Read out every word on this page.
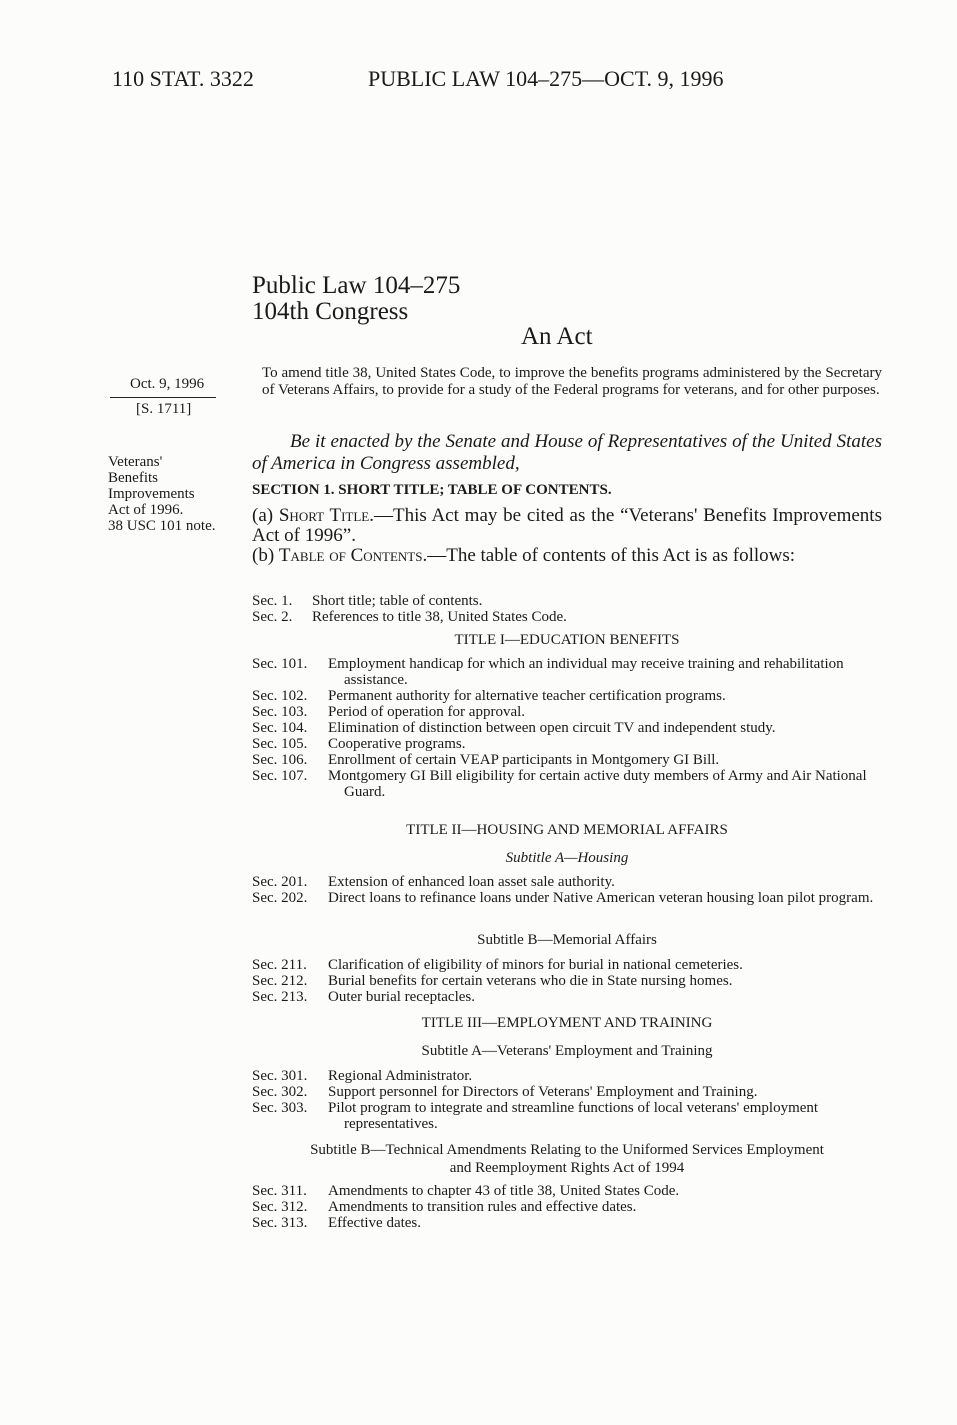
110 STAT. 3322	PUBLIC LAW 104–275—OCT. 9, 1996
Public Law 104–275
104th Congress
An Act
Oct. 9, 1996
[S. 1711]
Veterans'
Benefits
Improvements
Act of 1996.
38 USC 101 note.
To amend title 38, United States Code, to improve the benefits programs administered by the Secretary of Veterans Affairs, to provide for a study of the Federal programs for veterans, and for other purposes.
Be it enacted by the Senate and House of Representatives of the United States of America in Congress assembled,
SECTION 1. SHORT TITLE; TABLE OF CONTENTS.
(a) Short Title.—This Act may be cited as the “Veterans' Benefits Improvements Act of 1996”.
(b) Table of Contents.—The table of contents of this Act is as follows:
Sec. 1.	Short title; table of contents.
Sec. 2.	References to title 38, United States Code.
TITLE I—EDUCATION BENEFITS
Sec. 101.	Employment handicap for which an individual may receive training and rehabilitation assistance.
Sec. 102.	Permanent authority for alternative teacher certification programs.
Sec. 103.	Period of operation for approval.
Sec. 104.	Elimination of distinction between open circuit TV and independent study.
Sec. 105.	Cooperative programs.
Sec. 106.	Enrollment of certain VEAP participants in Montgomery GI Bill.
Sec. 107.	Montgomery GI Bill eligibility for certain active duty members of Army and Air National Guard.
TITLE II—HOUSING AND MEMORIAL AFFAIRS
Subtitle A—Housing
Sec. 201.	Extension of enhanced loan asset sale authority.
Sec. 202.	Direct loans to refinance loans under Native American veteran housing loan pilot program.
Subtitle B—Memorial Affairs
Sec. 211.	Clarification of eligibility of minors for burial in national cemeteries.
Sec. 212.	Burial benefits for certain veterans who die in State nursing homes.
Sec. 213.	Outer burial receptacles.
TITLE III—EMPLOYMENT AND TRAINING
Subtitle A—Veterans' Employment and Training
Sec. 301.	Regional Administrator.
Sec. 302.	Support personnel for Directors of Veterans' Employment and Training.
Sec. 303.	Pilot program to integrate and streamline functions of local veterans' employment representatives.
Subtitle B—Technical Amendments Relating to the Uniformed Services Employment
and Reemployment Rights Act of 1994
Sec. 311.	Amendments to chapter 43 of title 38, United States Code.
Sec. 312.	Amendments to transition rules and effective dates.
Sec. 313.	Effective dates.
